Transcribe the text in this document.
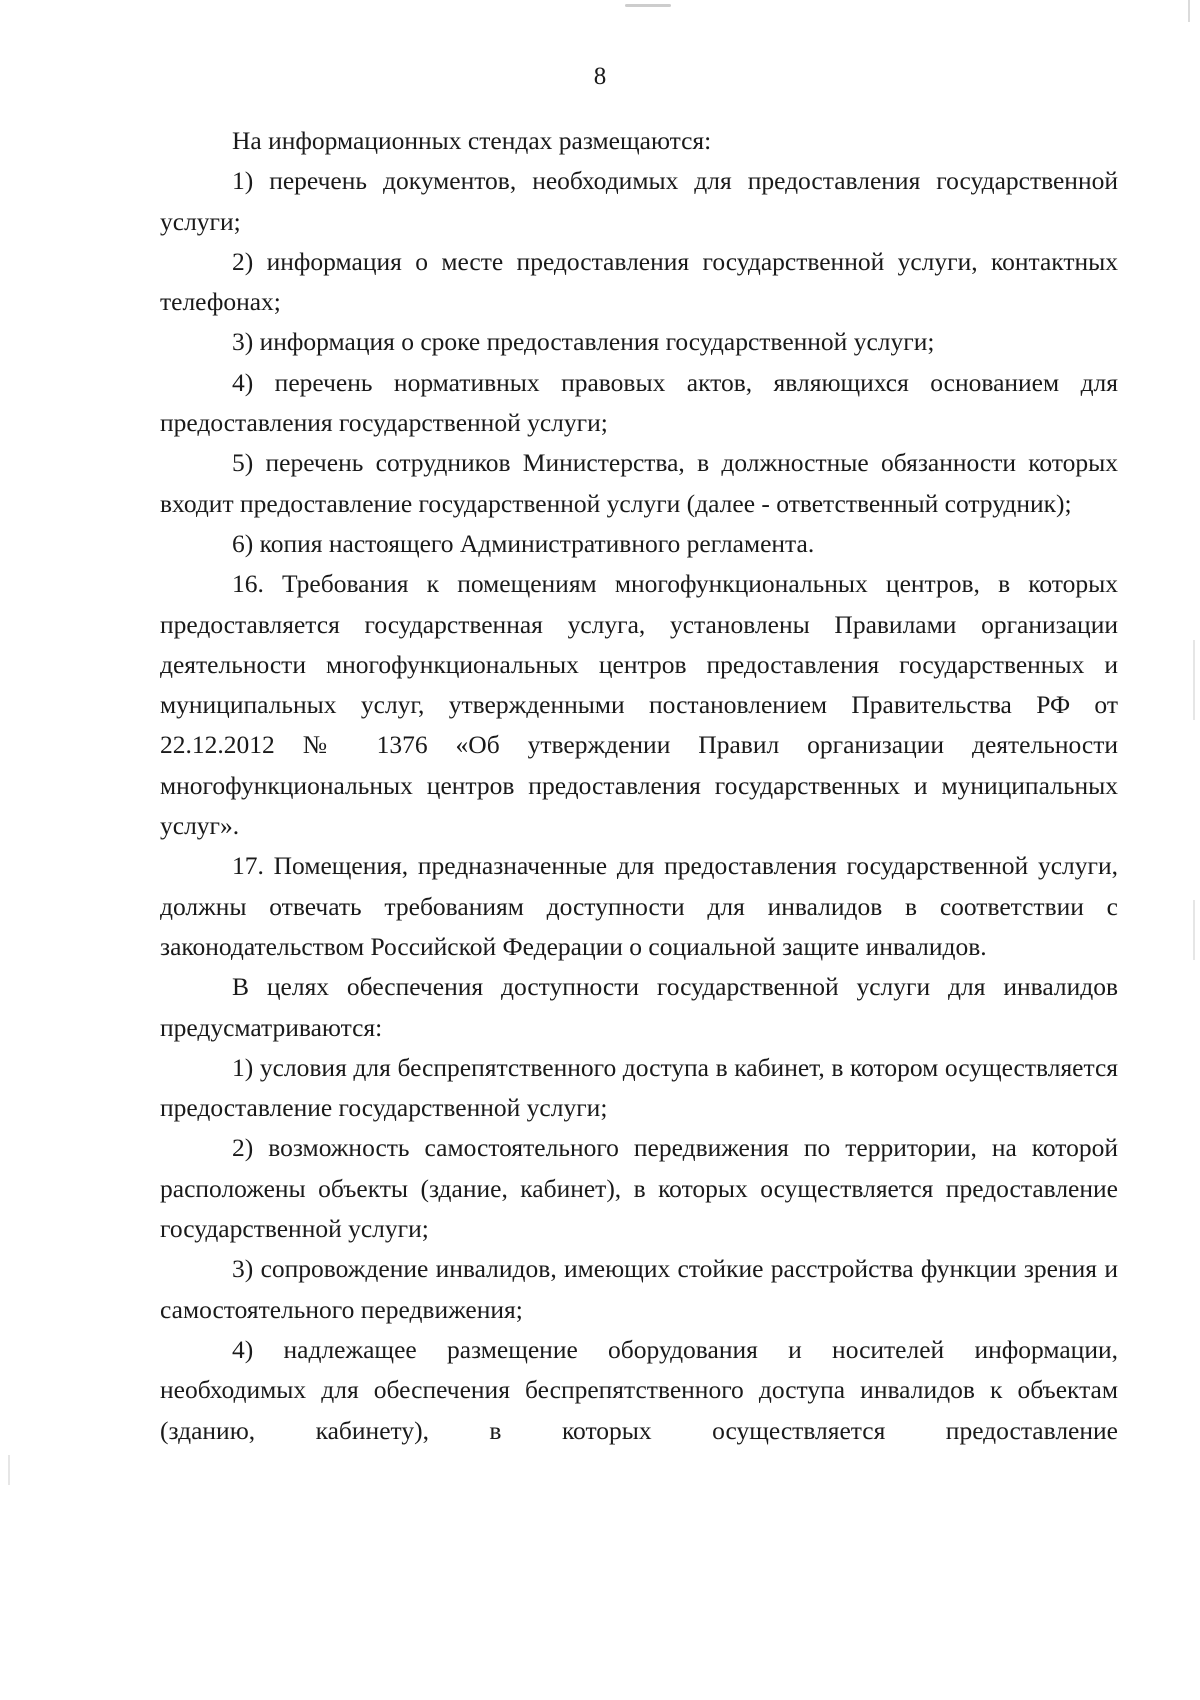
8

На информационных стендах размещаются:

1) перечень документов, необходимых для предоставления государственной услуги;

2) информация о месте предоставления государственной услуги, контактных телефонах;

3) информация о сроке предоставления государственной услуги;

4) перечень нормативных правовых актов, являющихся основанием для предоставления государственной услуги;

5) перечень сотрудников Министерства, в должностные обязанности которых входит предоставление государственной услуги (далее - ответственный сотрудник);

6) копия настоящего Административного регламента.

16. Требования к помещениям многофункциональных центров, в которых предоставляется государственная услуга, установлены Правилами организации деятельности многофункциональных центров предоставления государственных и муниципальных услуг, утвержденными постановлением Правительства РФ от 22.12.2012 № 1376 «Об утверждении Правил организации деятельности многофункциональных центров предоставления государственных и муниципальных услуг».

17. Помещения, предназначенные для предоставления государственной услуги, должны отвечать требованиям доступности для инвалидов в соответствии с законодательством Российской Федерации о социальной защите инвалидов.

В целях обеспечения доступности государственной услуги для инвалидов предусматриваются:

1) условия для беспрепятственного доступа в кабинет, в котором осуществляется предоставление государственной услуги;

2) возможность самостоятельного передвижения по территории, на которой расположены объекты (здание, кабинет), в которых осуществляется предоставление государственной услуги;

3) сопровождение инвалидов, имеющих стойкие расстройства функции зрения и самостоятельного передвижения;

4) надлежащее размещение оборудования и носителей информации, необходимых для обеспечения беспрепятственного доступа инвалидов к объектам (зданию, кабинету), в которых осуществляется предоставление
